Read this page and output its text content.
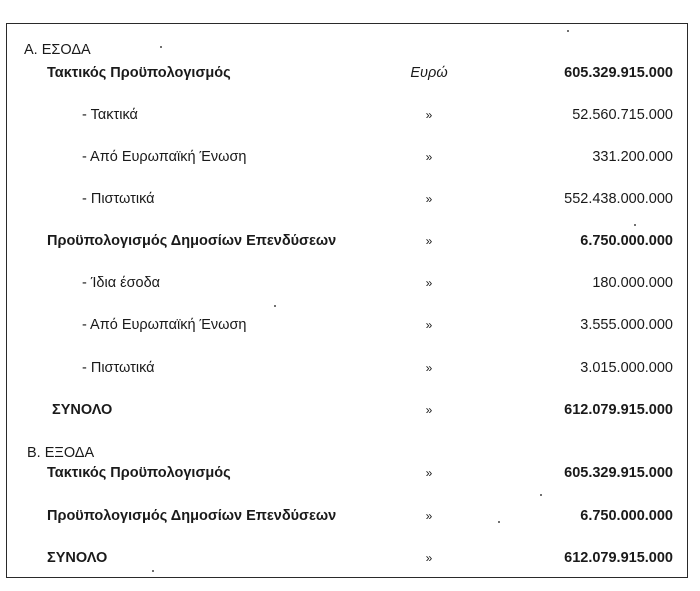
Α. ΕΣΟΔΑ
Τακτικός Προϋπολογισμός	Ευρώ	605.329.915.000
- Τακτικά	»	52.560.715.000
- Από Ευρωπαϊκή Ένωση	»	331.200.000
- Πιστωτικά	»	552.438.000.000
Προϋπολογισμός Δημοσίων Επενδύσεων	»	6.750.000.000
- Ίδια έσοδα	»	180.000.000
- Από Ευρωπαϊκή Ένωση	»	3.555.000.000
- Πιστωτικά	»	3.015.000.000
ΣΥΝΟΛΟ	»	612.079.915.000
Β. ΕΞΟΔΑ
Τακτικός Προϋπολογισμός	»	605.329.915.000
Προϋπολογισμός Δημοσίων Επενδύσεων	»	6.750.000.000
ΣΥΝΟΛΟ	»	612.079.915.000
